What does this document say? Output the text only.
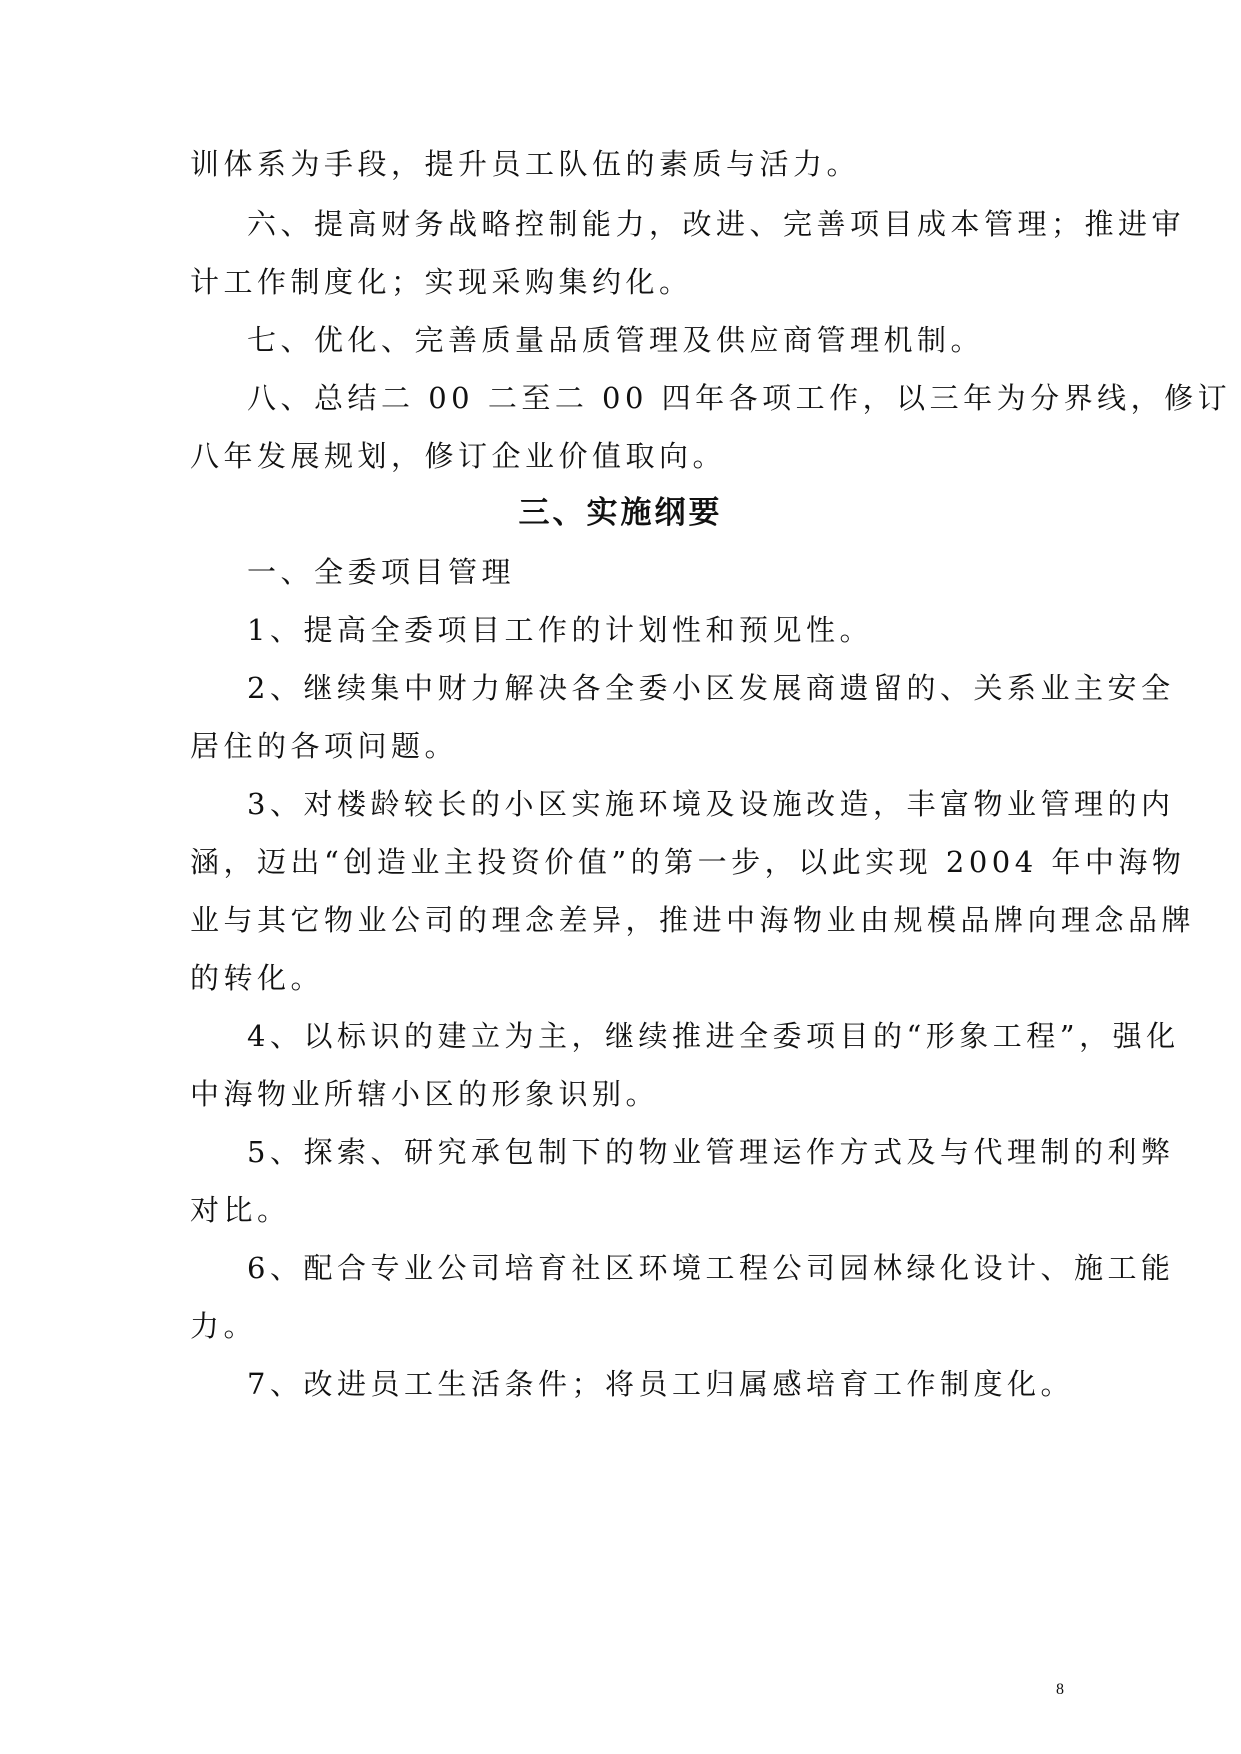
训体系为手段，提升员工队伍的素质与活力。
六、提高财务战略控制能力，改进、完善项目成本管理；推进审
计工作制度化；实现采购集约化。
七、优化、完善质量品质管理及供应商管理机制。
八、总结二 00 二至二 00 四年各项工作，以三年为分界线，修订
八年发展规划，修订企业价值取向。
三、实施纲要
一、全委项目管理
1、提高全委项目工作的计划性和预见性。
2、继续集中财力解决各全委小区发展商遗留的、关系业主安全
居住的各项问题。
3、对楼龄较长的小区实施环境及设施改造，丰富物业管理的内
涵，迈出“创造业主投资价值”的第一步，以此实现 2004 年中海物
业与其它物业公司的理念差异，推进中海物业由规模品牌向理念品牌
的转化。
4、以标识的建立为主，继续推进全委项目的“形象工程”，强化
中海物业所辖小区的形象识别。
5、探索、研究承包制下的物业管理运作方式及与代理制的利弊
对比。
6、配合专业公司培育社区环境工程公司园林绿化设计、施工能
力。
7、改进员工生活条件；将员工归属感培育工作制度化。
8
